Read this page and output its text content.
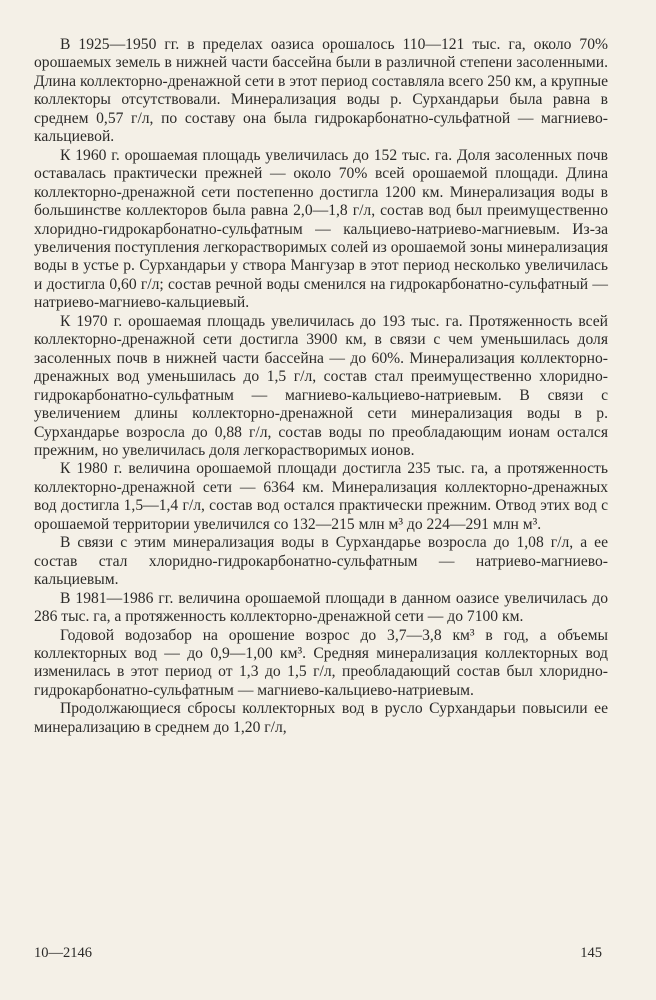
В 1925—1950 гг. в пределах оазиса орошалось 110—121 тыс. га, около 70% орошаемых земель в нижней части бассейна были в различной степени засоленными. Длина коллекторно-дренажной сети в этот период составляла всего 250 км, а крупные коллекторы отсутствовали. Минерализация воды р. Сурхандарьи была равна в среднем 0,57 г/л, по составу она была гидрокарбонатно-сульфатной — магниево-кальциевой.

К 1960 г. орошаемая площадь увеличилась до 152 тыс. га. Доля засоленных почв оставалась практически прежней — около 70% всей орошаемой площади. Длина коллекторно-дренажной сети постепенно достигла 1200 км. Минерализация воды в большинстве коллекторов была равна 2,0—1,8 г/л, состав вод был преимущественно хлоридно-гидрокарбонатно-сульфатным — кальциево-натриево-магниевым. Из-за увеличения поступления легкорастворимых солей из орошаемой зоны минерализация воды в устье р. Сурхандарьи у створа Мангузар в этот период несколько увеличилась и достигла 0,60 г/л; состав речной воды сменился на гидрокарбонатно-сульфатный — натриево-магниево-кальциевый.

К 1970 г. орошаемая площадь увеличилась до 193 тыс. га. Протяженность всей коллекторно-дренажной сети достигла 3900 км, в связи с чем уменьшилась доля засоленных почв в нижней части бассейна — до 60%. Минерализация коллекторно-дренажных вод уменьшилась до 1,5 г/л, состав стал преимущественно хлоридно-гидрокарбонатно-сульфатным — магниево-кальциево-натриевым. В связи с увеличением длины коллекторно-дренажной сети минерализация воды в р. Сурхандарье возросла до 0,88 г/л, состав воды по преобладающим ионам остался прежним, но увеличилась доля легкорастворимых ионов.

К 1980 г. величина орошаемой площади достигла 235 тыс. га, а протяженность коллекторно-дренажной сети — 6364 км. Минерализация коллекторно-дренажных вод достигла 1,5—1,4 г/л, состав вод остался практически прежним. Отвод этих вод с орошаемой территории увеличился со 132—215 млн м³ до 224—291 млн м³.

В связи с этим минерализация воды в Сурхандарье возросла до 1,08 г/л, а ее состав стал хлоридно-гидрокарбонатно-сульфатным — натриево-магниево-кальциевым.

В 1981—1986 гг. величина орошаемой площади в данном оазисе увеличилась до 286 тыс. га, а протяженность коллекторно-дренажной сети — до 7100 км.

Годовой водозабор на орошение возрос до 3,7—3,8 км³ в год, а объемы коллекторных вод — до 0,9—1,00 км³. Средняя минерализация коллекторных вод изменилась в этот период от 1,3 до 1,5 г/л, преобладающий состав был хлоридно-гидрокарбонатно-сульфатным — магниево-кальциево-натриевым.

Продолжающиеся сбросы коллекторных вод в русло Сурхандарьи повысили ее минерализацию в среднем до 1,20 г/л,

10—2146	145
